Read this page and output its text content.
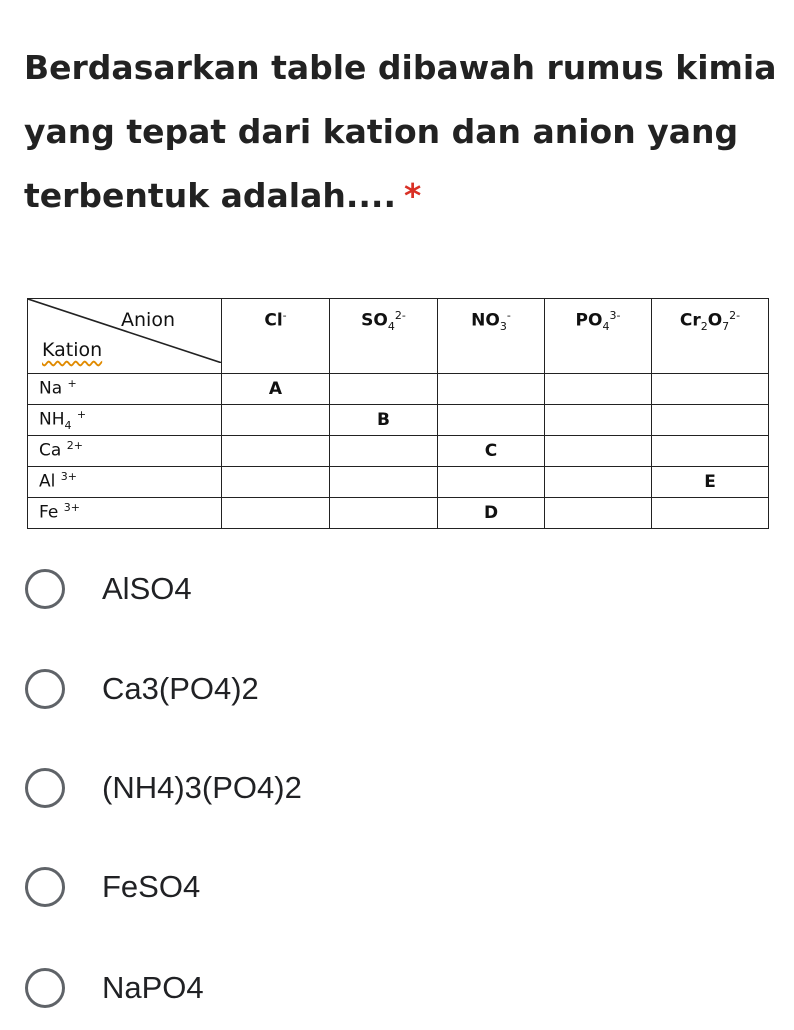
Berdasarkan table dibawah rumus kimia yang tepat dari kation dan anion yang terbentuk adalah.... *
Anion
Kation	Cl-	$SO_4^{2-}$	$NO_3^-$	$PO_4^{3-}$	$Cr_2O_7^{2-}$
Na +	A				
$NH_4$ +		B			
Ca $^{2+}$			C		
Al $^{3+}$					E
Fe $^{3+}$			D		
AlSO4
Ca3(PO4)2
(NH4)3(PO4)2
FeSO4
NaPO4
